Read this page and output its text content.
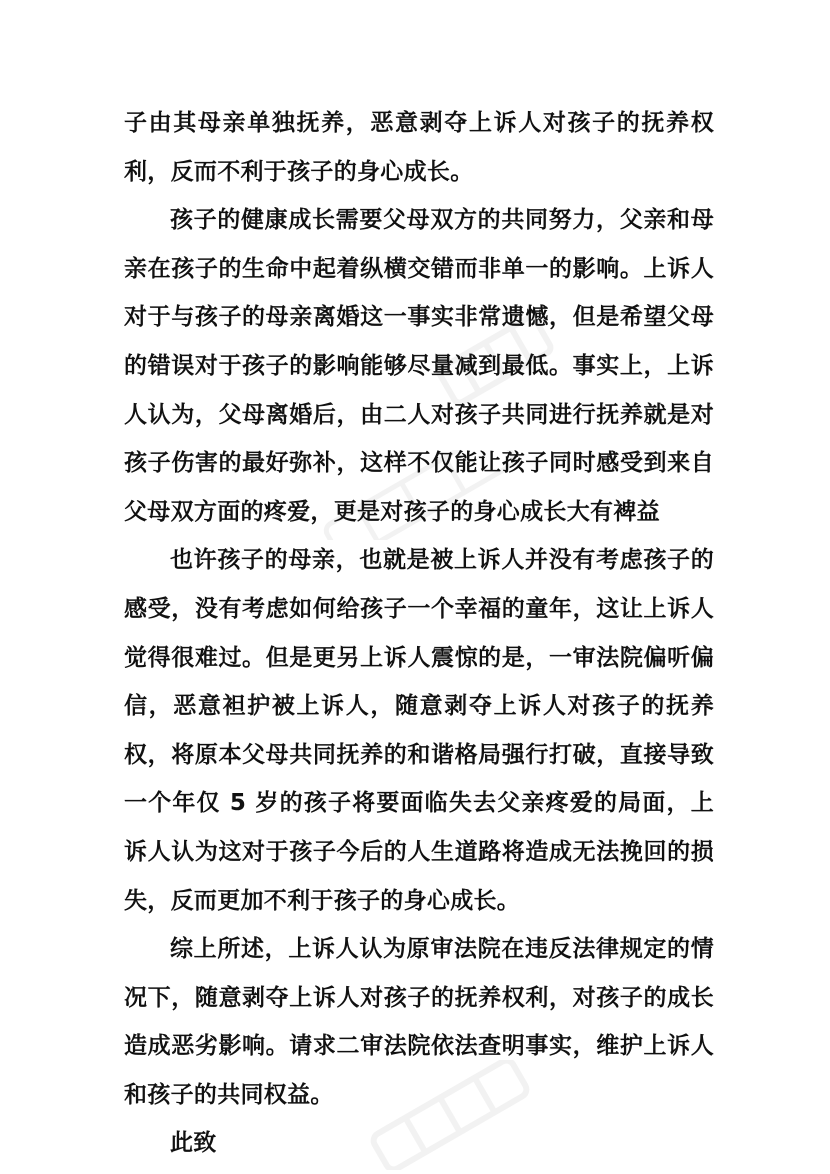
子由其母亲单独抚养，恶意剥夺上诉人对孩子的抚养权利，反而不利于孩子的身心成长。

孩子的健康成长需要父母双方的共同努力，父亲和母亲在孩子的生命中起着纵横交错而非单一的影响。上诉人对于与孩子的母亲离婚这一事实非常遗憾，但是希望父母的错误对于孩子的影响能够尽量减到最低。事实上，上诉人认为，父母离婚后，由二人对孩子共同进行抚养就是对孩子伤害的最好弥补，这样不仅能让孩子同时感受到来自父母双方面的疼爱，更是对孩子的身心成长大有裨益

也许孩子的母亲，也就是被上诉人并没有考虑孩子的感受，没有考虑如何给孩子一个幸福的童年，这让上诉人觉得很难过。但是更另上诉人震惊的是，一审法院偏听偏信，恶意袒护被上诉人，随意剥夺上诉人对孩子的抚养权，将原本父母共同抚养的和谐格局强行打破，直接导致一个年仅 5 岁的孩子将要面临失去父亲疼爱的局面，上诉人认为这对于孩子今后的人生道路将造成无法挽回的损失，反而更加不利于孩子的身心成长。

综上所述，上诉人认为原审法院在违反法律规定的情况下，随意剥夺上诉人对孩子的抚养权利，对孩子的成长造成恶劣影响。请求二审法院依法查明事实，维护上诉人和孩子的共同权益。

此致
